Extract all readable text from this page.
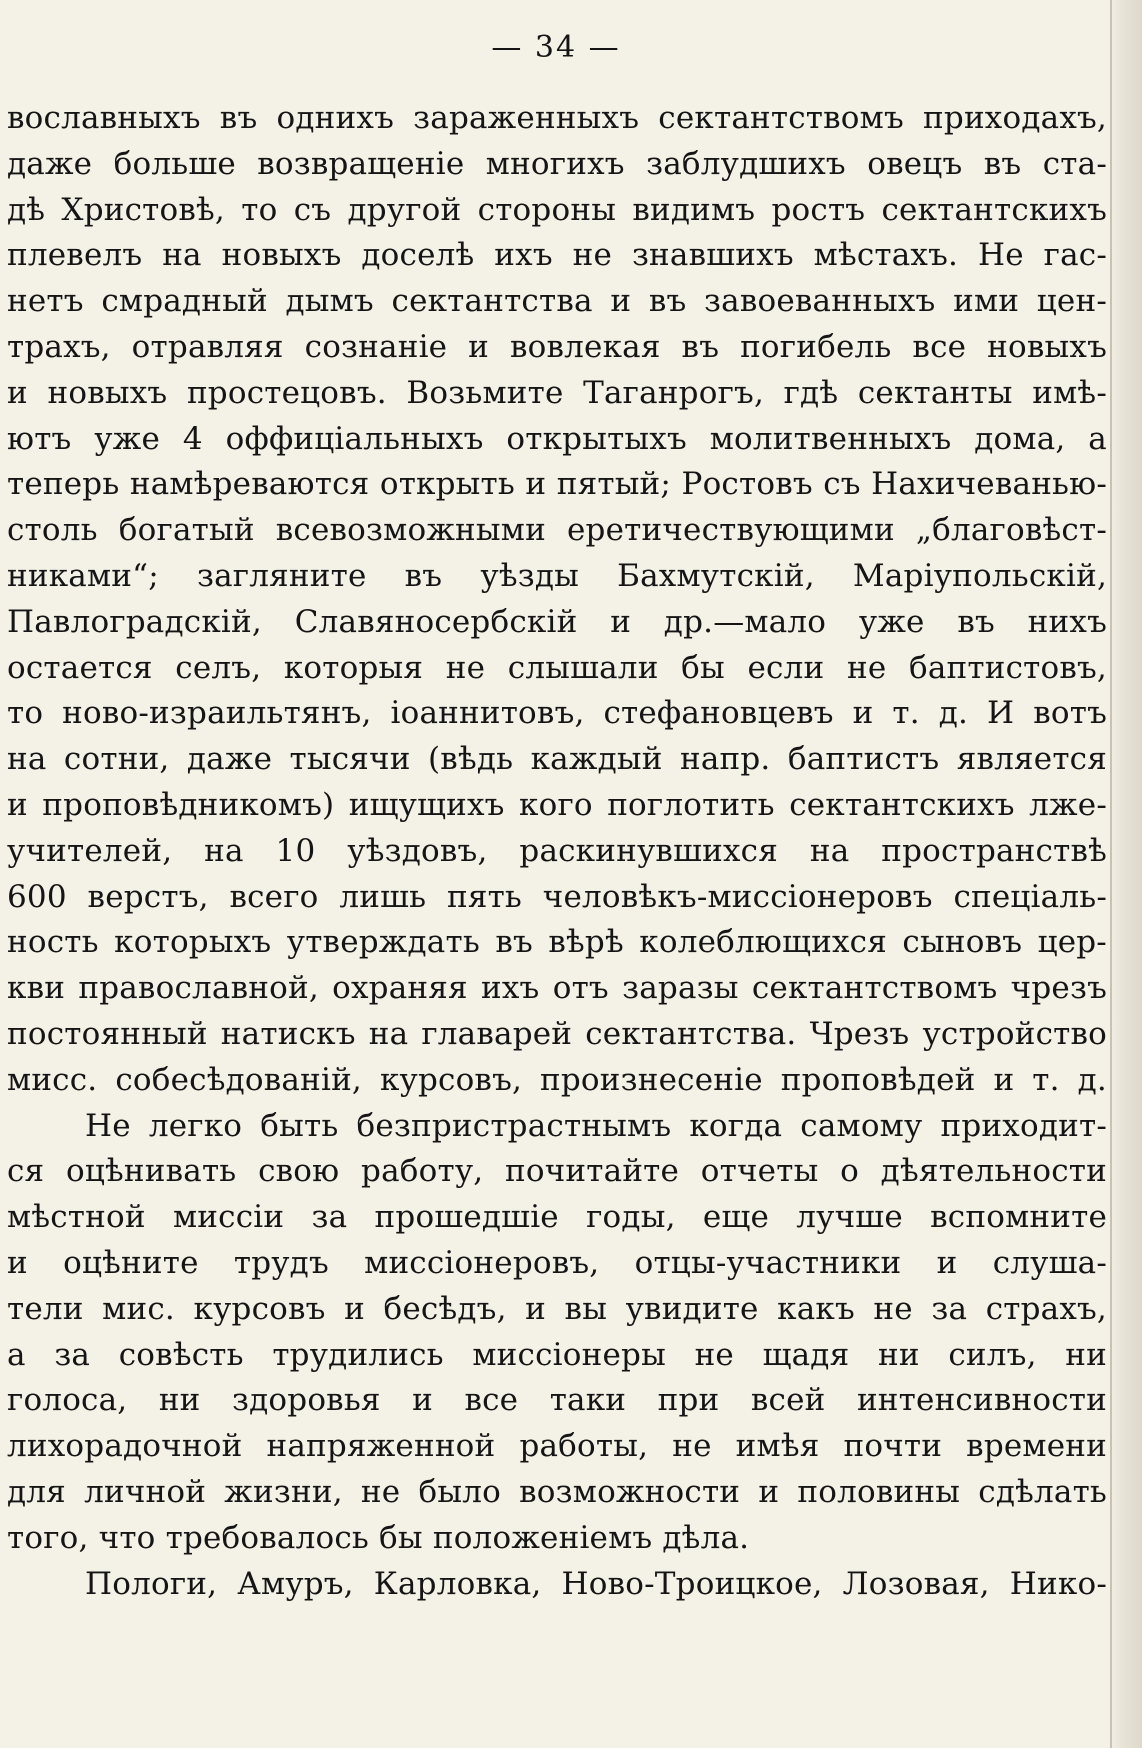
— 34 —
вославныхъ въ однихъ зараженныхъ сектантствомъ приходахъ,
даже больше возвращеніе многихъ заблудшихъ овецъ въ ста-
дѣ Христовѣ, то съ другой стороны видимъ ростъ сектантскихъ
плевелъ на новыхъ доселѣ ихъ не знавшихъ мѣстахъ. Не гас-
нетъ смрадный дымъ сектантства и въ завоеванныхъ ими цен-
трахъ, отравляя сознаніе и вовлекая въ погибель все новыхъ
и новыхъ простецовъ. Возьмите Таганрогъ, гдѣ сектанты имѣ-
ютъ уже 4 оффиціальныхъ открытыхъ молитвенныхъ дома, а
теперь намѣреваются открыть и пятый; Ростовъ съ Нахичеванью-
столь богатый всевозможными еретичествующими „благовѣст-
никами“; загляните въ уѣзды Бахмутскій, Маріупольскій,
Павлоградскій, Славяносербскій и др.—мало уже въ нихъ
остается селъ, которыя не слышали бы если не баптистовъ,
то ново-израильтянъ, іоаннитовъ, стефановцевъ и т. д. И вотъ
на сотни, даже тысячи (вѣдь каждый напр. баптистъ является
и проповѣдникомъ) ищущихъ кого поглотить сектантскихъ лже-
учителей, на 10 уѣздовъ, раскинувшихся на пространствѣ
600 верстъ, всего лишь пять человѣкъ-миссіонеровъ спеціаль-
ность которыхъ утверждать въ вѣрѣ колеблющихся сыновъ цер-
кви православной, охраняя ихъ отъ заразы сектантствомъ чрезъ
постоянный натискъ на главарей сектантства. Чрезъ устройство
мисс. собесѣдованій, курсовъ, произнесеніе проповѣдей и т. д.
Не легко быть безпристрастнымъ когда самому приходит-
ся оцѣнивать свою работу, почитайте отчеты о дѣятельности
мѣстной миссіи за прошедшіе годы, еще лучше вспомните
и оцѣните трудъ миссіонеровъ, отцы-участники и слуша-
тели мис. курсовъ и бесѣдъ, и вы увидите какъ не за страхъ,
а за совѣсть трудились миссіонеры не щадя ни силъ, ни
голоса, ни здоровья и все таки при всей интенсивности
лихорадочной напряженной работы, не имѣя почти времени
для личной жизни, не было возможности и половины сдѣлать
того, что требовалось бы положеніемъ дѣла.
Пологи, Амуръ, Карловка, Ново-Троицкое, Лозовая, Нико-
